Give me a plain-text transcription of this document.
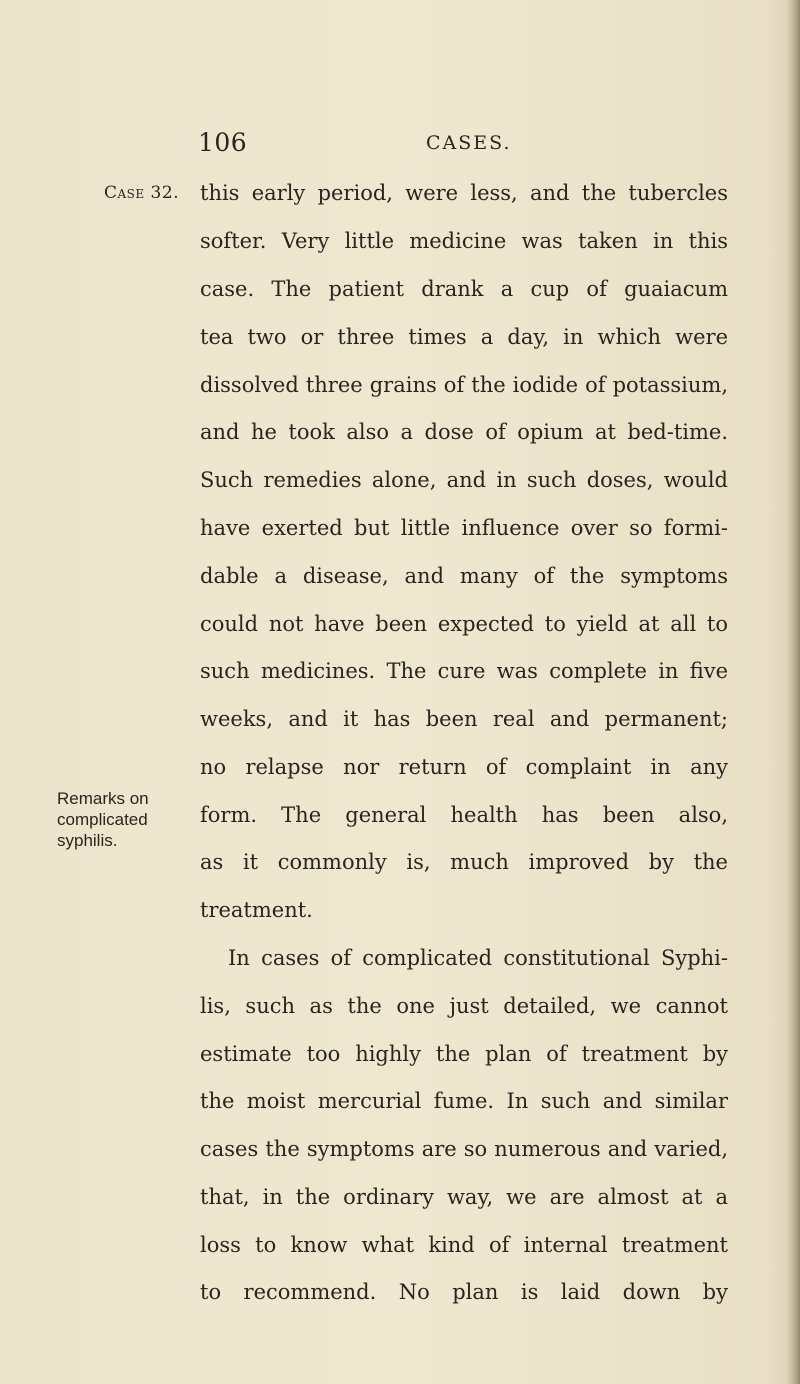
106	CASES.
Case 32.
Remarks on
complicated
syphilis.
this early period, were less, and the tubercles
softer. Very little medicine was taken in this
case. The patient drank a cup of guaiacum
tea two or three times a day, in which were
dissolved three grains of the iodide of potassium,
and he took also a dose of opium at bed-time.
Such remedies alone, and in such doses, would
have exerted but little influence over so formi-
dable a disease, and many of the symptoms
could not have been expected to yield at all to
such medicines. The cure was complete in five
weeks, and it has been real and permanent;
no relapse nor return of complaint in any
form. The general health has been also,
as it commonly is, much improved by the
treatment.
In cases of complicated constitutional Syphi-
lis, such as the one just detailed, we cannot
estimate too highly the plan of treatment by
the moist mercurial fume. In such and similar
cases the symptoms are so numerous and varied,
that, in the ordinary way, we are almost at a
loss to know what kind of internal treatment
to recommend. No plan is laid down by
